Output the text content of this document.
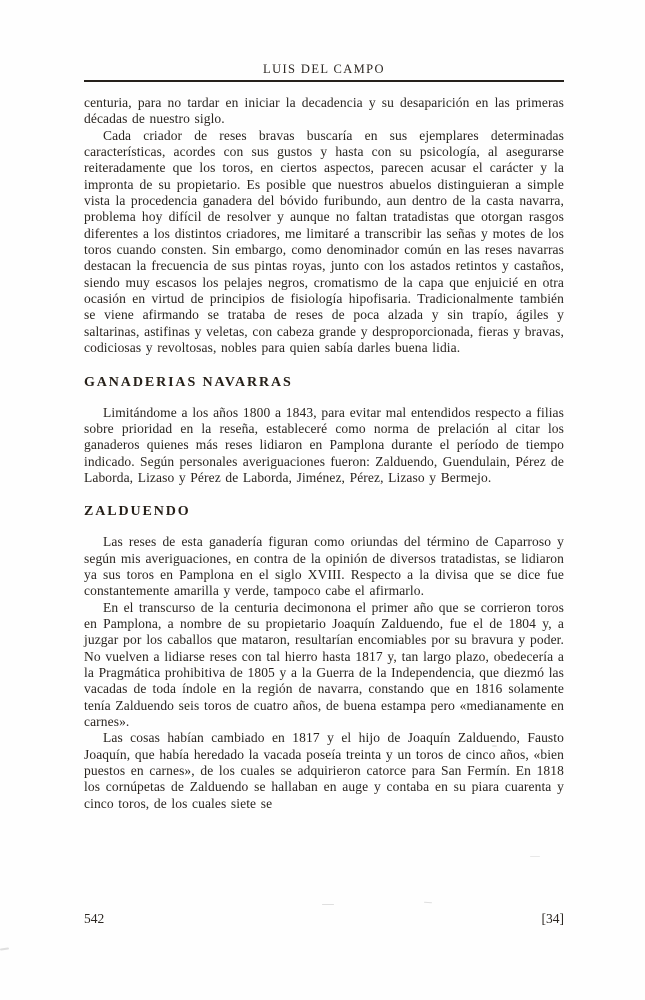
LUIS DEL CAMPO

centuria, para no tardar en iniciar la decadencia y su desaparición en las primeras décadas de nuestro siglo.

Cada criador de reses bravas buscaría en sus ejemplares determinadas características, acordes con sus gustos y hasta con su psicología, al asegurarse reiteradamente que los toros, en ciertos aspectos, parecen acusar el carácter y la impronta de su propietario. Es posible que nuestros abuelos distinguieran a simple vista la procedencia ganadera del bóvido furibundo, aun dentro de la casta navarra, problema hoy difícil de resolver y aunque no faltan tratadistas que otorgan rasgos diferentes a los distintos criadores, me limitaré a transcribir las señas y motes de los toros cuando consten. Sin embargo, como denominador común en las reses navarras destacan la frecuencia de sus pintas royas, junto con los astados retintos y castaños, siendo muy escasos los pelajes negros, cromatismo de la capa que enjuicié en otra ocasión en virtud de principios de fisiología hipofisaria. Tradicionalmente también se viene afirmando se trataba de reses de poca alzada y sin trapío, ágiles y saltarinas, astifinas y veletas, con cabeza grande y desproporcionada, fieras y bravas, codiciosas y revoltosas, nobles para quien sabía darles buena lidia.

GANADERIAS NAVARRAS

Limitándome a los años 1800 a 1843, para evitar mal entendidos respecto a filias sobre prioridad en la reseña, estableceré como norma de prelación al citar los ganaderos quienes más reses lidiaron en Pamplona durante el período de tiempo indicado. Según personales averiguaciones fueron: Zalduendo, Guendulain, Pérez de Laborda, Lizaso y Pérez de Laborda, Jiménez, Pérez, Lizaso y Bermejo.

ZALDUENDO

Las reses de esta ganadería figuran como oriundas del término de Caparroso y según mis averiguaciones, en contra de la opinión de diversos tratadistas, se lidiaron ya sus toros en Pamplona en el siglo XVIII. Respecto a la divisa que se dice fue constantemente amarilla y verde, tampoco cabe el afirmarlo.

En el transcurso de la centuria decimonona el primer año que se corrieron toros en Pamplona, a nombre de su propietario Joaquín Zalduendo, fue el de 1804 y, a juzgar por los caballos que mataron, resultarían encomiables por su bravura y poder. No vuelven a lidiarse reses con tal hierro hasta 1817 y, tan largo plazo, obedecería a la Pragmática prohibitiva de 1805 y a la Guerra de la Independencia, que diezmó las vacadas de toda índole en la región de navarra, constando que en 1816 solamente tenía Zalduendo seis toros de cuatro años, de buena estampa pero «medianamente en carnes».

Las cosas habían cambiado en 1817 y el hijo de Joaquín Zalduendo, Fausto Joaquín, que había heredado la vacada poseía treinta y un toros de cinco años, «bien puestos en carnes», de los cuales se adquirieron catorce para San Fermín. En 1818 los cornúpetas de Zalduendo se hallaban en auge y contaba en su piara cuarenta y cinco toros, de los cuales siete se

542	[34]
